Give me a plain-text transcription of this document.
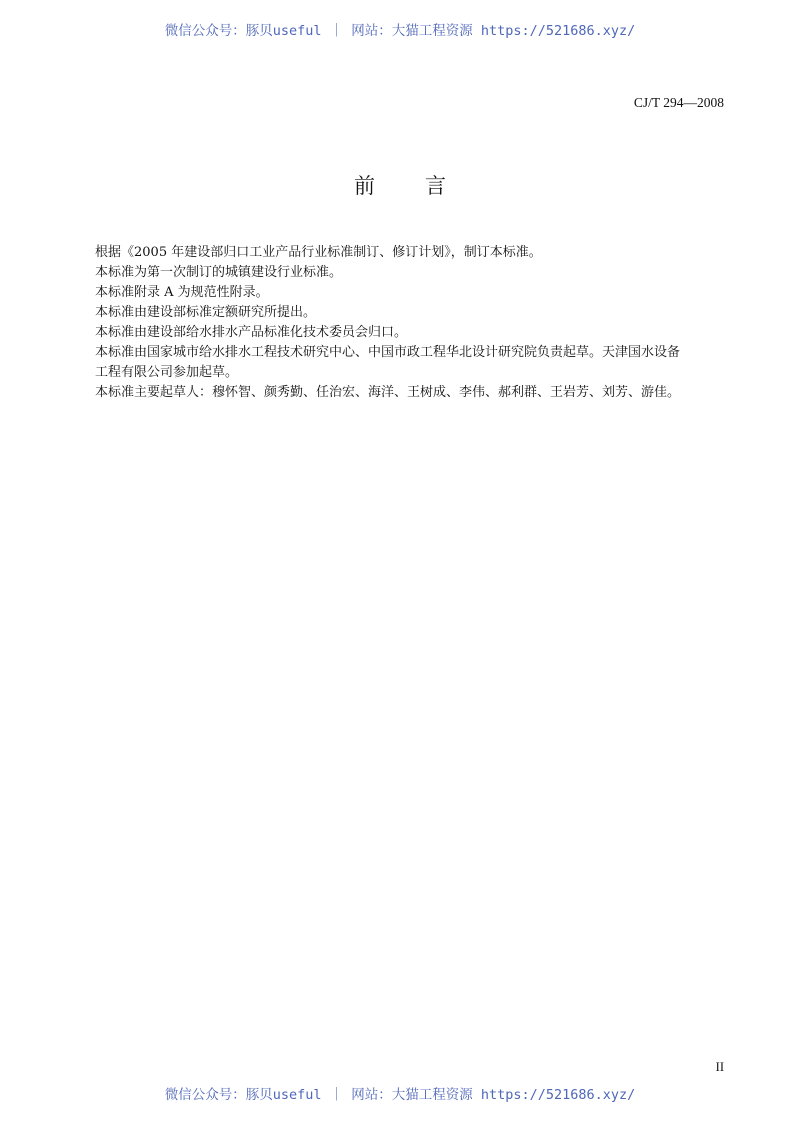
微信公众号：豚贝useful ｜ 网站：大猫工程资源 https://521686.xyz/
CJ/T 294—2008
前 言

根据《2005 年建设部归口工业产品行业标准制订、修订计划》，制订本标准。

本标准为第一次制订的城镇建设行业标准。

本标准附录 A 为规范性附录。

本标准由建设部标准定额研究所提出。

本标准由建设部给水排水产品标准化技术委员会归口。

本标准由国家城市给水排水工程技术研究中心、中国市政工程华北设计研究院负责起草。天津国水设备

工程有限公司参加起草。

本标准主要起草人：穆怀智、颜秀勤、任治宏、海洋、王树成、李伟、郝利群、王岩芳、刘芳、游佳。

II
微信公众号：豚贝useful ｜ 网站：大猫工程资源 https://521686.xyz/
